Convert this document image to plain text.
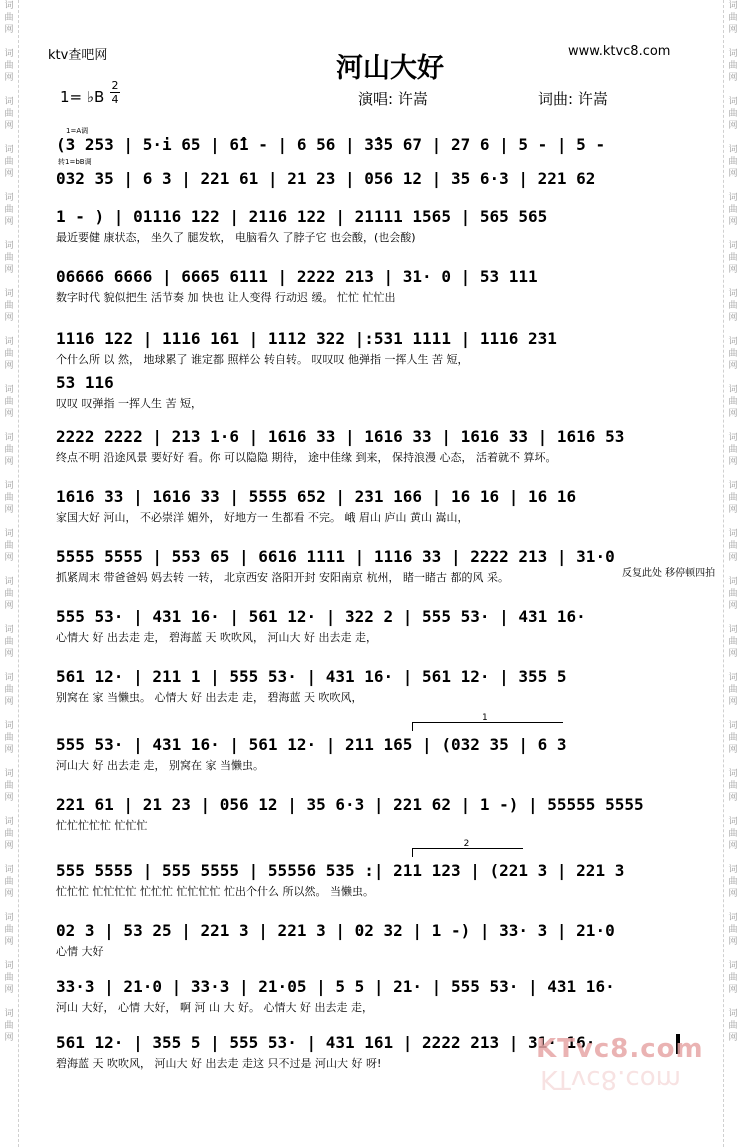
词
曲
网

词
曲
网

词
曲
网

词
曲
网

词
曲
网

词
曲
网

词
曲
网

词
曲
网

词
曲
网

词
曲
网

词
曲
网

词
曲
网

词
曲
网

词
曲
网

词
曲
网

词
曲
网

词
曲
网

词
曲
网

词
曲
网

词
曲
网

词
曲
网

词
曲
网
词
曲
网

词
曲
网

词
曲
网

词
曲
网

词
曲
网

词
曲
网

词
曲
网

词
曲
网

词
曲
网

词
曲
网

词
曲
网

词
曲
网

词
曲
网

词
曲
网

词
曲
网

词
曲
网

词
曲
网

词
曲
网

词
曲
网

词
曲
网

词
曲
网

词
曲
网
ktv查吧网	河山大好
www.ktvc8.com
1= ♭B
2
4	演唱: 许嵩	词曲: 许嵩
1=A调
转1=bB调
(3 253 | 5·i 65 | 6̂1 - | 6 56 | 3̂35 67 | 27 6 | 5 - | 5 -
032 35 | 6 3 | 221 61 | 21 23 | 056 12 | 35 6·3 | 221 62
1 - ) | 01116 122 | 2116 122 | 21111 1565 | 565 565
最近要健 康状态， 坐久了 腿发软， 电脑看久 了脖子它 也会酸，(也会酸)
06666 6666 | 6665 6111 | 2222 213 | 31· 0 | 53 111
数字时代 貌似把生 活节奏 加 快也 让人变得 行动迟 缓。 忙忙 忙忙出
1116 122 | 1116 161 | 1112 322 |:531 1111 | 1116 231
个什么所 以 然， 地球累了 谁定都 照样公 转自转。 叹叹叹 他弹指 一挥人生 苦 短，
53 116
叹叹 叹弹指 一挥人生 苦 短，
2222 2222 | 213 1·6 | 1616 33 | 1616 33 | 1616 33 | 1616 53
终点不明 沿途风景 要好好 看。你 可以隐隐 期待， 途中佳缘 到来， 保持浪漫 心态， 活着就不 算坏。
1616 33 | 1616 33 | 5555 652 | 231 166 | 16 16 | 16 16
家国大好 河山， 不必崇洋 媚外， 好地方一 生都看 不完。 峨 眉山 庐山 黄山 嵩山，
5555 5555 | 553 65 | 6616 1111 | 1116 33 | 2222 213 | 31·0
抓紧周末 带爸爸妈 妈去转 一转， 北京西安 洛阳开封 安阳南京 杭州， 睹一睹古 都的风 采。	反复此处 移停顿四拍
555 53· | 431 16· | 561 12· | 322 2 | 555 53· | 431 16·
心情大 好 出去走 走， 碧海蓝 天 吹吹风， 河山大 好 出去走 走，
561 12· | 211 1 | 555 53· | 431 16· | 561 12· | 355 5
别窝在 家 当懒虫。 心情大 好 出去走 走， 碧海蓝 天 吹吹风，
1
555 53· | 431 16· | 561 12· | 211 165 | (032 35 | 6 3
河山大 好 出去走 走， 别窝在 家 当懒虫。
221 61 | 21 23 | 056 12 | 35 6·3 | 221 62 | 1 -) | 55555 5555
忙忙忙忙忙 忙忙忙
2
555 5555 | 555 5555 | 55556 535 :| 211 123 | (221 3 | 221 3
忙忙忙 忙忙忙忙 忙忙忙 忙忙忙忙 忙出个什么 所以然。 当懒虫。
02 3 | 53 25 | 221 3 | 221 3 | 02 32 | 1 -) | 33· 3 | 21·0
心情 大好
33·3 | 21·0 | 33·3 | 21·05 | 5 5 | 21· | 555 53· | 431 16·
河山 大好， 心情 大好， 啊 河 山 大 好。 心情大 好 出去走 走，
561 12· | 355 5 | 555 53· | 431 161 | 2222 213 | 31· 16·
碧海蓝 天 吹吹风， 河山大 好 出去走 走这 只不过是 河山大 好 呀!	KTvc8.com
KTvc8.com
